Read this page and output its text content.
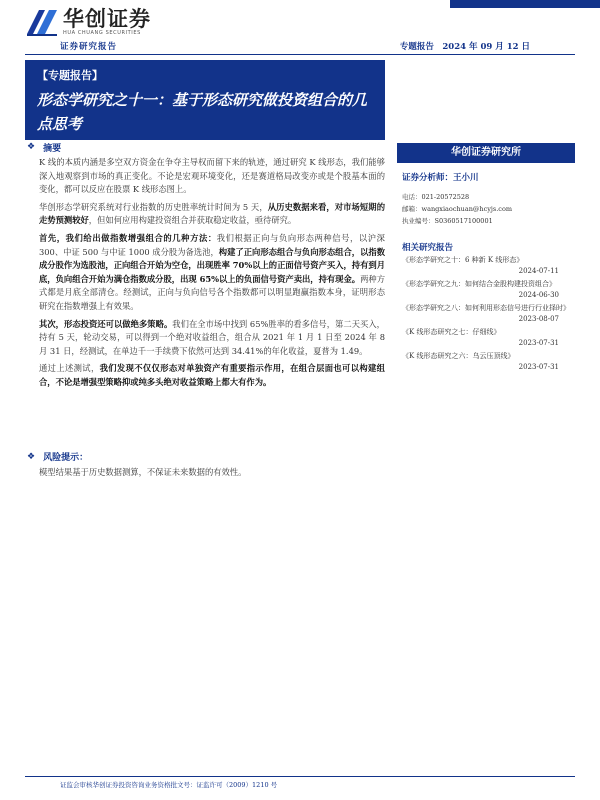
华创证券
HUA CHUANG SECURITIES
证券研究报告	专题报告　2024 年 09 月 12 日
【专题报告】
形态学研究之十一：基于形态研究做投资组合的几点思考
❖ 摘要
K 线的本质内涵是多空双方资金在争夺主导权而留下来的轨迹，通过研究 K 线形态，我们能够深入地观察到市场的真正变化。不论是宏观环境变化，还是赛道格局改变亦或是个股基本面的变化，都可以反应在股票 K 线形态图上。
华创形态学研究系统对行业指数的历史胜率统计时间为 5 天，从历史数据来看，对市场短期的走势预测较好，但如何应用构建投资组合并获取稳定收益，亟待研究。
首先，我们给出做指数增强组合的几种方法：我们根据正向与负向形态两种信号，以沪深 300、中证 500 与中证 1000 成分股为备选池，构建了正向形态组合与负向形态组合，以指数成分股作为选股池，正向组合开始为空仓，出现胜率 70%以上的正面信号资产买入，持有到月底，负向组合开始为满仓指数成分股，出现 65%以上的负面信号资产卖出，持有现金。两种方式都是月底全部清仓。经测试，正向与负向信号各个指数都可以明显跑赢指数本身，证明形态研究在指数增强上有效果。
其次，形态投资还可以做绝多策略。我们在全市场中找到 65%胜率的看多信号，第二天买入，持有 5 天，轮动交易，可以得到一个绝对收益组合，组合从 2021 年 1 月 1 日至 2024 年 8 月 31 日，经测试，在单边千一手续费下依然可达到 34.41%的年化收益，夏普为 1.49。
通过上述测试，我们发现不仅仅形态对单独资产有重要指示作用，在组合层面也可以构建组合，不论是增强型策略抑或纯多头绝对收益策略上都大有作为。
❖ 风险提示：
模型结果基于历史数据测算，不保证未来数据的有效性。
华创证券研究所
证券分析师：王小川
电话：021-20572528
邮箱：wangxiaochuan@hcyjs.com
执业编号：S0360517100001
相关研究报告
《形态学研究之十：6 种新 K 线形态》
2024-07-11
《形态学研究之九：如何结合金股构建投资组合》
2024-06-30
《形态学研究之八：如何利用形态信号进行行业择时》
2023-08-07
《K 线形态研究之七：仔细线》
2023-07-31
《K 线形态研究之六：乌云压顶线》
2023-07-31
证监会审核华创证券投资咨询业务资格批文号：证监许可（2009）1210 号
